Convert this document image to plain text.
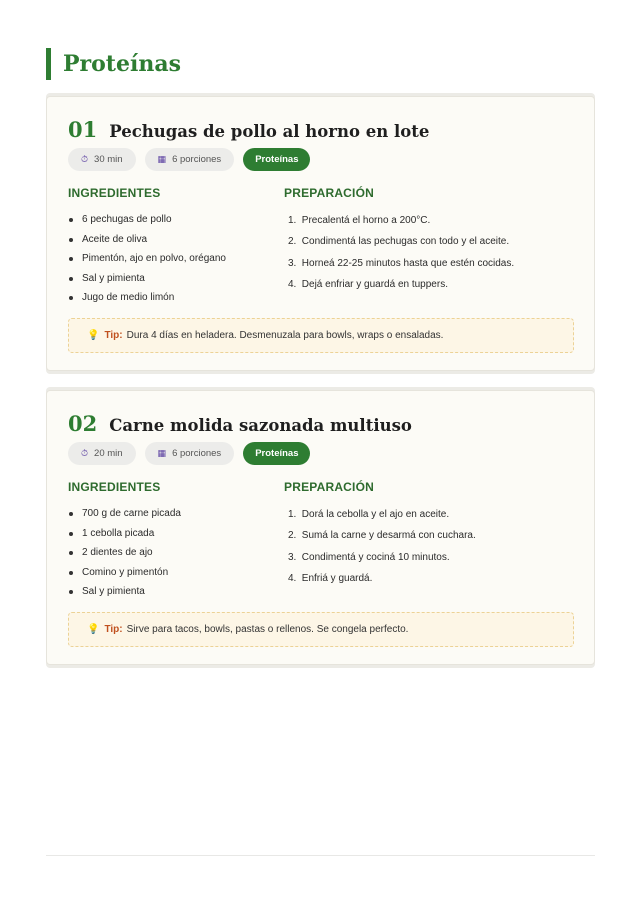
Proteínas
01 Pechugas de pollo al horno en lote
⏱ 30 min	▦ 6 porciones	Proteínas
INGREDIENTES	PREPARACIÓN
6 pechugas de pollo
Aceite de oliva
Pimentón, ajo en polvo, orégano
Sal y pimienta
Jugo de medio limón
1. Precalentá el horno a 200°C.
2. Condimentá las pechugas con todo y el aceite.
3. Horneá 22-25 minutos hasta que estén cocidas.
4. Dejá enfriar y guardá en tuppers.
💡 Tip: Dura 4 días en heladera. Desmenuzala para bowls, wraps o ensaladas.
02 Carne molida sazonada multiuso
⏱ 20 min	▦ 6 porciones	Proteínas
INGREDIENTES	PREPARACIÓN
700 g de carne picada
1 cebolla picada
2 dientes de ajo
Comino y pimentón
Sal y pimienta
1. Dorá la cebolla y el ajo en aceite.
2. Sumá la carne y desarmá con cuchara.
3. Condimentá y cociná 10 minutos.
4. Enfriá y guardá.
💡 Tip: Sirve para tacos, bowls, pastas o rellenos. Se congela perfecto.
